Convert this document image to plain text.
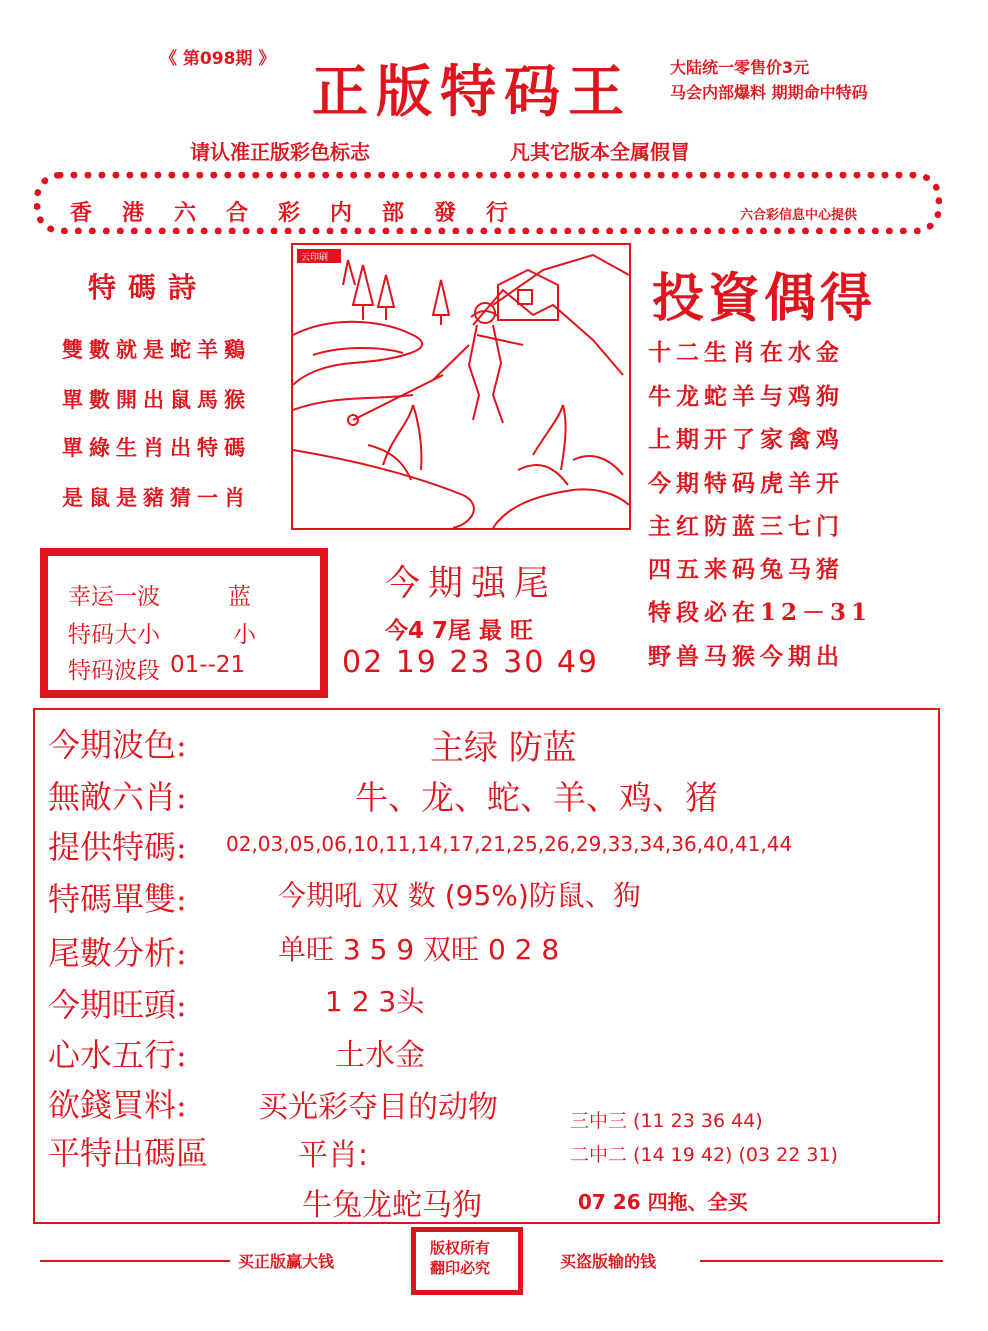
《 第098期 》 正版特码王 大陆统一零售价3元
马会内部爆料 期期命中特码
请认准正版彩色标志	凡其它版本全属假冒
香港六合彩内部發行	六合彩信息中心提供
特碼詩
雙數就是蛇羊鷄
單數開出鼠馬猴
單綠生肖出特碼
是鼠是豬猜一肖
云印刷
投資偶得
十二生肖在水金
牛龙蛇羊与鸡狗
上期开了家禽鸡
今期特码虎羊开
主红防蓝三七门
四五来码兔马猪
特段必在12－31
野兽马猴今期出
幸运一波	蓝
特码大小	小
特码波段 01--21
今期强尾
今4 7尾 最 旺
02 19 23 30 49
今期波色:	主绿 防蓝
無敵六肖:	牛、龙、蛇、羊、鸡、猪
提供特碼: 02,03,05,06,10,11,14,17,21,25,26,29,33,34,36,40,41,44
特碼單雙:	今期吼 双 数 (95%)防鼠、狗
尾數分析:	单旺 3 5 9 双旺 0 2 8
今期旺頭:	1 2 3头
心水五行:	土水金
欲錢買料: 买光彩夺目的动物
平特出碼區	平肖:
三中三 (11 23 36 44)
二中二 (14 19 42) (03 22 31)
牛兔龙蛇马狗	07 26 四拖、全买
买正版赢大钱
版权所有
翻印必究	买盗版输的钱
